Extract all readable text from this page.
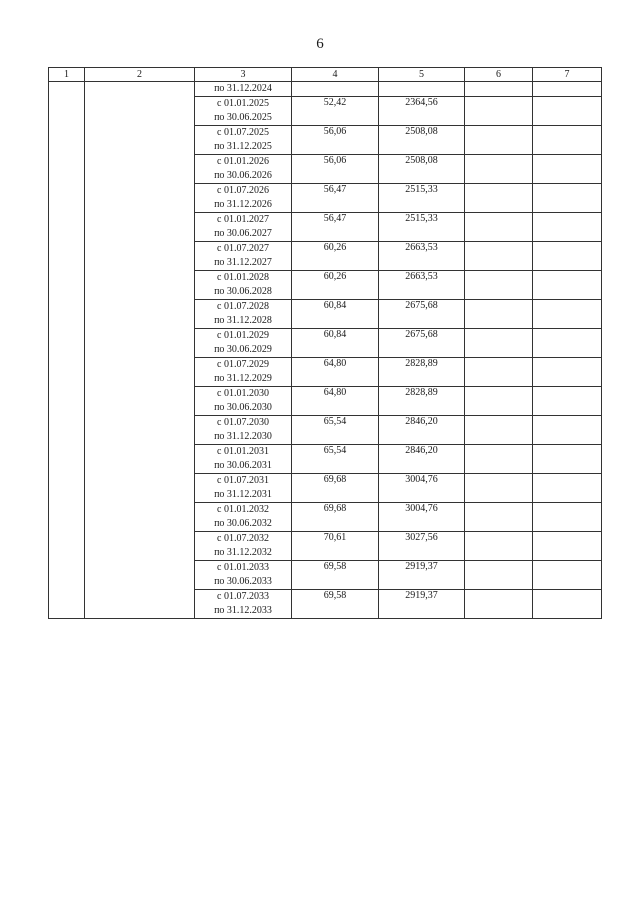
6
1	2	3	4	5	6	7
		по 31.12.2024				

		с 01.01.2025
по 30.06.2025	52,42	2364,56		

		с 01.07.2025
по 31.12.2025	56,06	2508,08		

		с 01.01.2026
по 30.06.2026	56,06	2508,08		

		с 01.07.2026
по 31.12.2026	56,47	2515,33		

		с 01.01.2027
по 30.06.2027	56,47	2515,33		

		с 01.07.2027
по 31.12.2027	60,26	2663,53		

		с 01.01.2028
по 30.06.2028	60,26	2663,53		

		с 01.07.2028
по 31.12.2028	60,84	2675,68		

		с 01.01.2029
по 30.06.2029	60,84	2675,68		

		с 01.07.2029
по 31.12.2029	64,80	2828,89		

		с 01.01.2030
по 30.06.2030	64,80	2828,89		

		с 01.07.2030
по 31.12.2030	65,54	2846,20		

		с 01.01.2031
по 30.06.2031	65,54	2846,20		

		с 01.07.2031
по 31.12.2031	69,68	3004,76		

		с 01.01.2032
по 30.06.2032	69,68	3004,76		

		с 01.07.2032
по 31.12.2032	70,61	3027,56		

		с 01.01.2033
по 30.06.2033	69,58	2919,37		

		с 01.07.2033
по 31.12.2033	69,58	2919,37		
